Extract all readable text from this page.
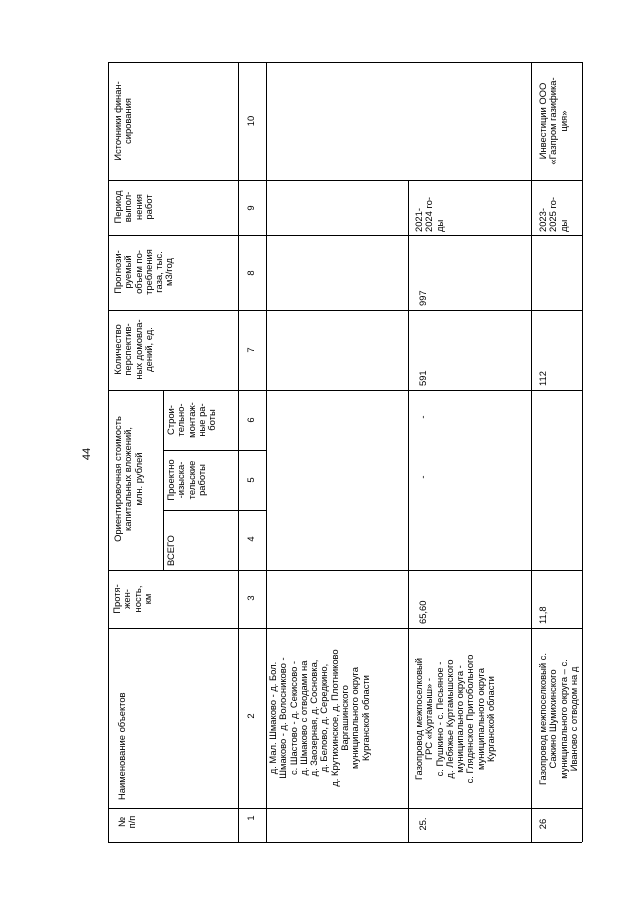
44
№ п/п
Наименование объектов
Протя- жен- ность, км
Ориентировочная стоимость капитальных вложений, млн. рублей
ВСЕГО
Проектно -изыска- тельские работы
Строи- тельно- монтаж- ные ра- боты
Количество перспектив- ных домовла- дений, ед.
Прогнози- руемый объем по- требления газа, тыс. м3/год
Период выпол- нения работ
Источники финан- сирования
1
2
3
4
5
6
7
8
9
10
д. Мал. Шмаково - д. Бол. Шмаково - д. Волосниково - с. Шастово - д. Секисово - д. Шмаково с отводами на д. Заозерная, д. Сосновка, д. Белово, д. Середкино, д. Крутихинское, д. Плотниково Варгашинского муниципального округа Курганской области
25.
Газопровод межпоселковый ГРС «Куртамыш» - с. Пушкино - с. Песьяное - д. Лебяжье Куртамышского муниципального округа - с. Глядянское Притобольного муниципального округа Курганской области
65,60
-
-
591
997
2021- 2024 го- ды
26
Газопровод межпоселковый с. Сажино Шумихинского муниципального округа – с. Иваново с отводом на д
11,8
112
2023- 2025 го- ды
Инвестиции ООО «Газпром газифика- ция»
